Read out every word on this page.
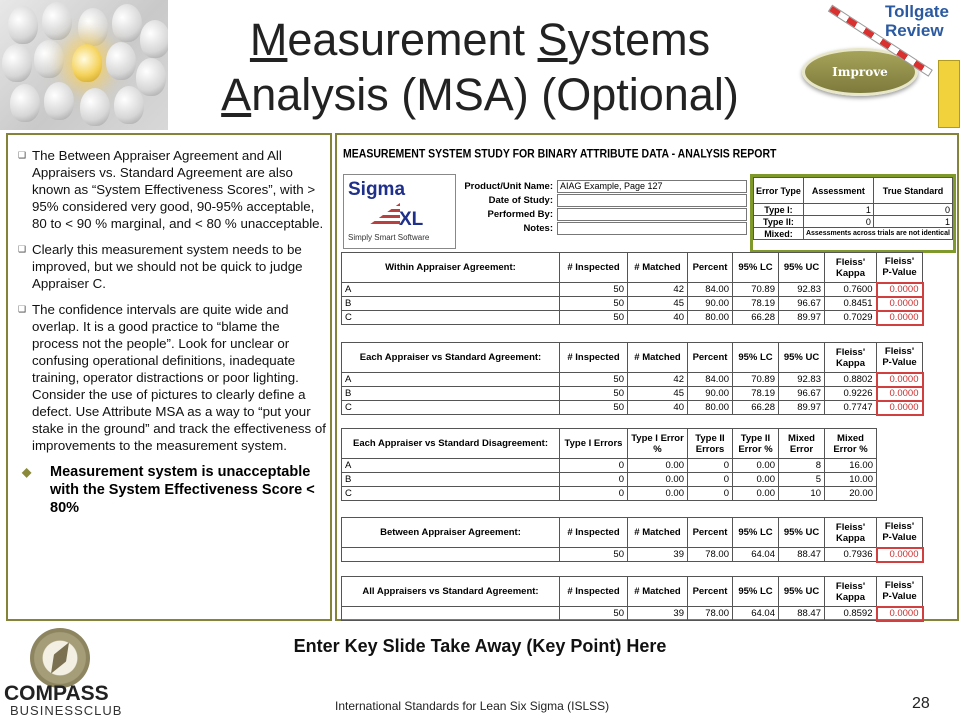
Measurement Systems
Analysis (MSA) (Optional)	Improve
Tollgate
Review
❑ The Between Appraiser Agreement and All Appraisers vs. Standard Agreement are also known as “System Effectiveness Scores”, with > 95% considered very good, 90-95% acceptable, 80 to < 90 % marginal, and < 80 % unacceptable.
❑ Clearly this measurement system needs to be improved, but we should not be quick to judge Appraiser C.
❑ The confidence intervals are quite wide and overlap. It is a good practice to “blame the process not the people”. Look for unclear or confusing operational definitions, inadequate training, operator distractions or poor lighting. Consider the use of pictures to clearly define a defect. Use Attribute MSA as a way to “put your stake in the ground” and track the effectiveness of improvements to the measurement system.
◆	Measurement system is unacceptable with the System Effectiveness Score < 80%
MEASUREMENT SYSTEM STUDY FOR BINARY ATTRIBUTE DATA - ANALYSIS REPORT
Sigma
XL
Simply Smart Software
Product/Unit Name: AIAG Example, Page 127
Date of Study:
Performed By:
Notes:
Error Type	Assessment	True Standard
Type I:	1	0
Type II:	0	1
Mixed:	Assessments across trials are not identical	
Within Appraiser Agreement:	# Inspected	# Matched	Percent	95% LC	95% UC	Fleiss' Kappa	Fleiss' P-Value
A	50	42	84.00	70.89	92.83	0.7600	0.0000
B	50	45	90.00	78.19	96.67	0.8451	0.0000
C	50	40	80.00	66.28	89.97	0.7029	0.0000
Each Appraiser vs Standard Agreement:	# Inspected	# Matched	Percent	95% LC	95% UC	Fleiss' Kappa	Fleiss' P-Value
A	50	42	84.00	70.89	92.83	0.8802	0.0000
B	50	45	90.00	78.19	96.67	0.9226	0.0000
C	50	40	80.00	66.28	89.97	0.7747	0.0000
Each Appraiser vs Standard Disagreement:	Type I Errors	Type I Error %	Type II Errors	Type II Error %	Mixed Error	Mixed Error %
A	0	0.00	0	0.00	8	16.00
B	0	0.00	0	0.00	5	10.00
C	0	0.00	0	0.00	10	20.00
Between Appraiser Agreement:	# Inspected	# Matched	Percent	95% LC	95% UC	Fleiss' Kappa	Fleiss' P-Value
	50	39	78.00	64.04	88.47	0.7936	0.0000
All Appraisers vs Standard Agreement:	# Inspected	# Matched	Percent	95% LC	95% UC	Fleiss' Kappa	Fleiss' P-Value
	50	39	78.00	64.04	88.47	0.8592	0.0000
Enter Key Slide Take Away (Key Point) Here
COMPASS
BUSINESSCLUB	International Standards for Lean Six Sigma (ISLSS)	28
